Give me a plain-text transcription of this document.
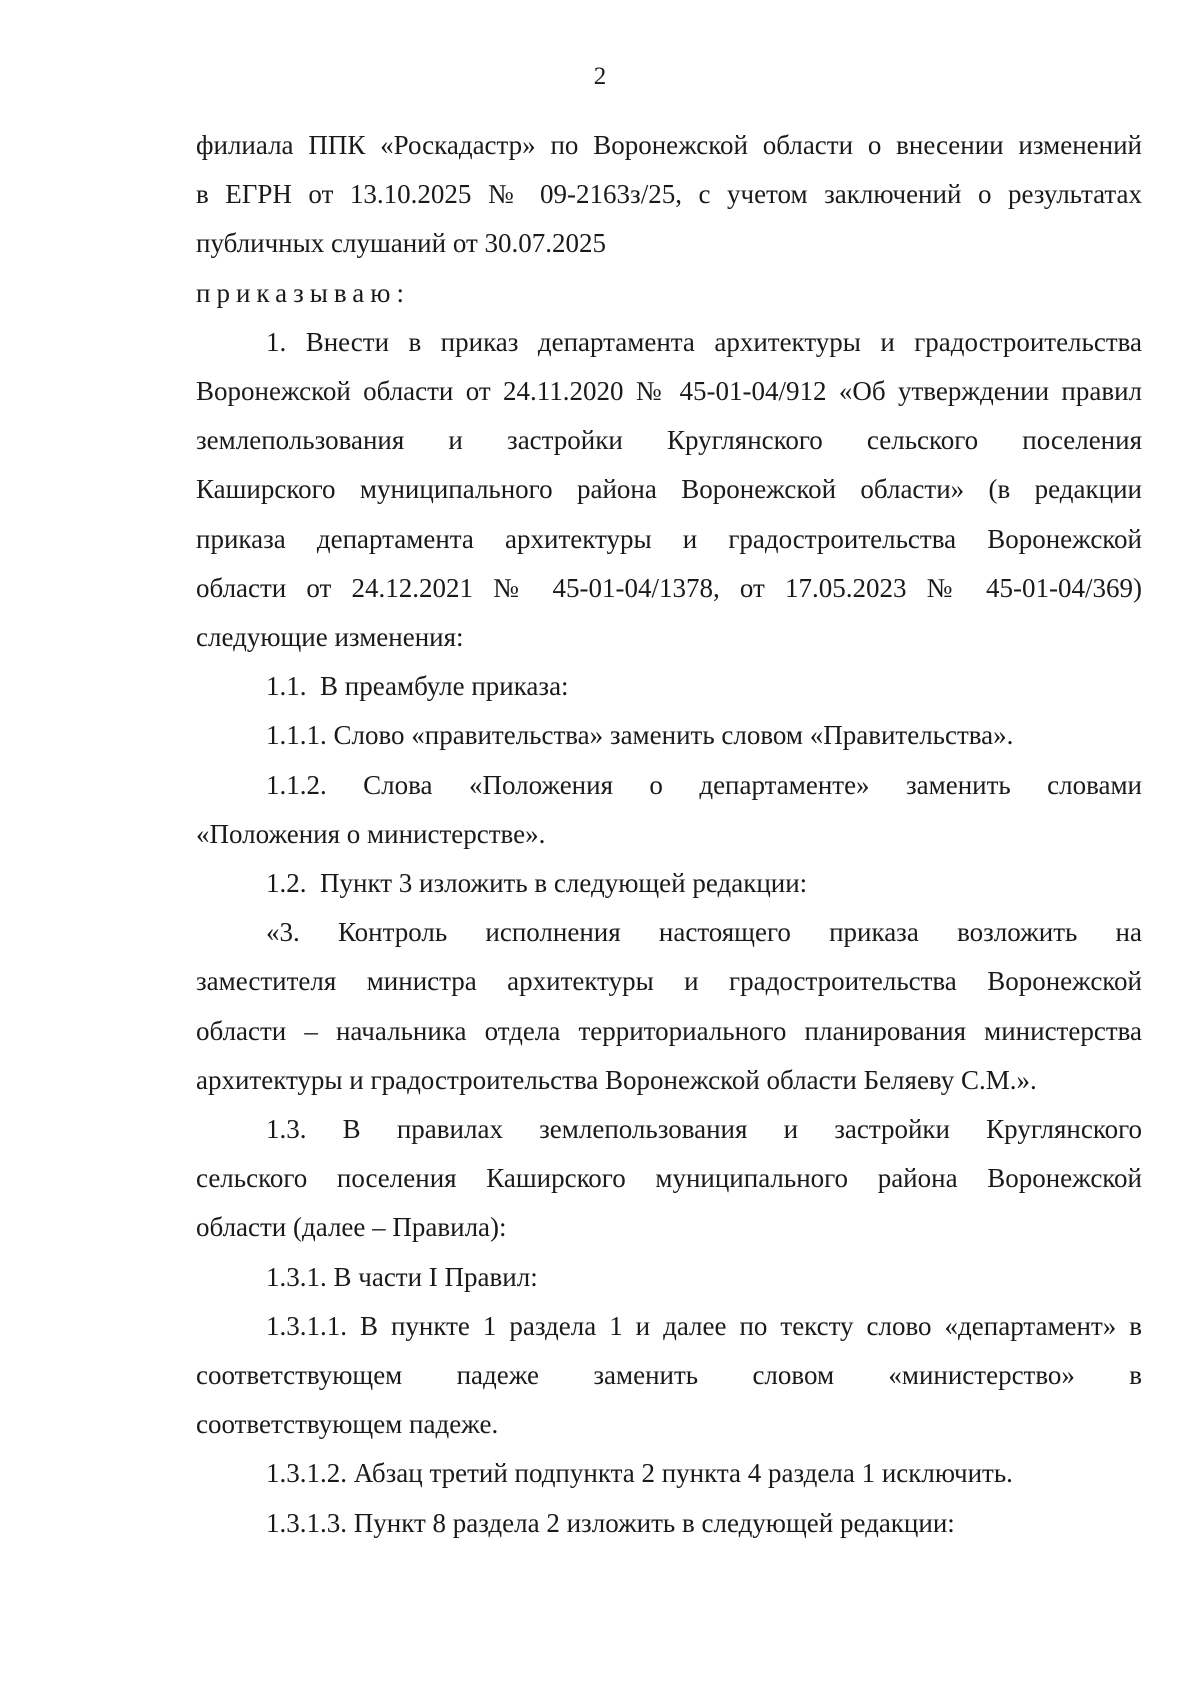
2
филиала ППК «Роскадастр» по Воронежской области о внесении изменений
в ЕГРН от 13.10.2025 № 09-2163з/25, с учетом заключений о результатах
публичных слушаний от 30.07.2025
приказываю:
1. Внести в приказ департамента архитектуры и градостроительства
Воронежской области от 24.11.2020 № 45-01-04/912 «Об утверждении правил
землепользования и застройки Круглянского сельского поселения
Каширского муниципального района Воронежской области» (в редакции
приказа департамента архитектуры и градостроительства Воронежской
области от 24.12.2021 № 45-01-04/1378, от 17.05.2023 № 45-01-04/369)
следующие изменения:
1.1.  В преамбуле приказа:
1.1.1. Слово «правительства» заменить словом «Правительства».
1.1.2. Слова «Положения о департаменте» заменить словами
«Положения о министерстве».
1.2.  Пункт 3 изложить в следующей редакции:
«3. Контроль исполнения настоящего приказа возложить на
заместителя министра архитектуры и градостроительства Воронежской
области – начальника отдела территориального планирования министерства
архитектуры и градостроительства Воронежской области Беляеву С.М.».
1.3. В правилах землепользования и застройки Круглянского
сельского поселения Каширского муниципального района Воронежской
области (далее – Правила):
1.3.1. В части I Правил:
1.3.1.1. В пункте 1 раздела 1 и далее по тексту слово «департамент» в
соответствующем падеже заменить словом «министерство» в
соответствующем падеже.
1.3.1.2. Абзац третий подпункта 2 пункта 4 раздела 1 исключить.
1.3.1.3. Пункт 8 раздела 2 изложить в следующей редакции:
